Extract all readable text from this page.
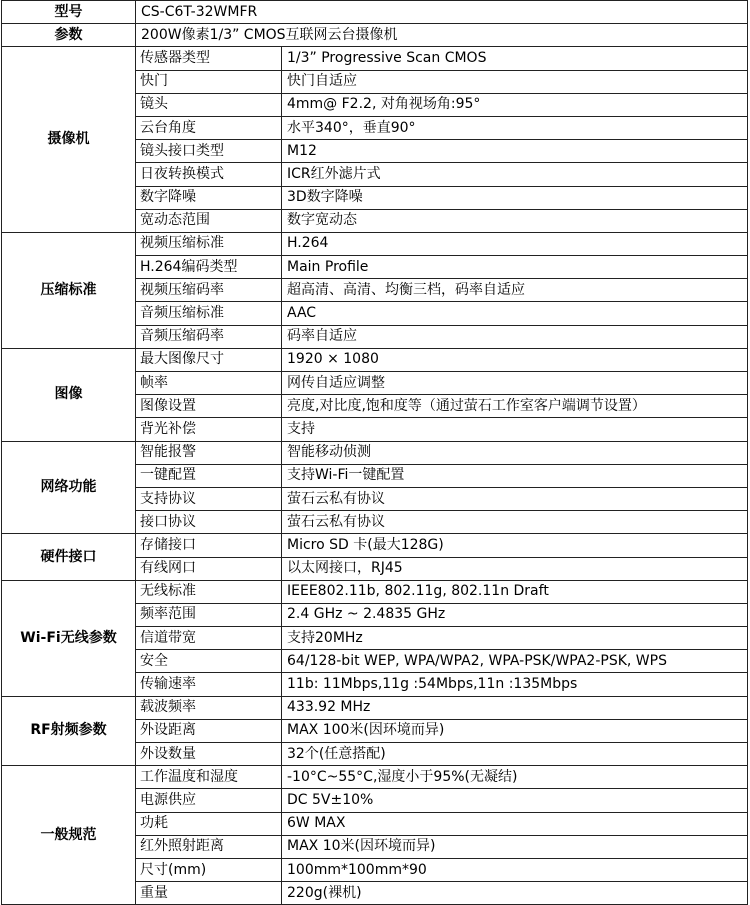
型号	CS-C6T-32WMFR	
参数	200W像素1/3” CMOS互联网云台摄像机	
摄像机	传感器类型	1/3” Progressive Scan CMOS
	快门	快门自适应
	镜头	4mm@ F2.2, 对角视场角:95°
	云台角度	水平340°，垂直90°
	镜头接口类型	M12
	日夜转换模式	ICR红外滤片式
	数字降噪	3D数字降噪
	宽动态范围	数字宽动态
压缩标准	视频压缩标准	H.264
	H.264编码类型	Main Profile
	视频压缩码率	超高清、高清、均衡三档，码率自适应
	音频压缩标准	AAC
	音频压缩码率	码率自适应
图像	最大图像尺寸	1920 × 1080
	帧率	网传自适应调整
	图像设置	亮度,对比度,饱和度等（通过萤石工作室客户端调节设置）
	背光补偿	支持
网络功能	智能报警	智能移动侦测
	一键配置	支持Wi-Fi一键配置
	支持协议	萤石云私有协议
	接口协议	萤石云私有协议
硬件接口	存储接口	Micro SD 卡(最大128G)
	有线网口	以太网接口，RJ45
Wi-Fi无线参数	无线标准	IEEE802.11b, 802.11g, 802.11n Draft
	频率范围	2.4 GHz ~ 2.4835 GHz
	信道带宽	支持20MHz
	安全	64/128-bit WEP, WPA/WPA2, WPA-PSK/WPA2-PSK, WPS
	传输速率	11b: 11Mbps,11g :54Mbps,11n :135Mbps
RF射频参数	载波频率	433.92 MHz
	外设距离	MAX 100米(因环境而异)
	外设数量	32个(任意搭配)
一般规范	工作温度和湿度	-10°C~55°C,湿度小于95%(无凝结)
	电源供应	DC 5V±10%
	功耗	6W MAX
	红外照射距离	MAX 10米(因环境而异)
	尺寸(mm)	100mm*100mm*90
	重量	220g(裸机)
